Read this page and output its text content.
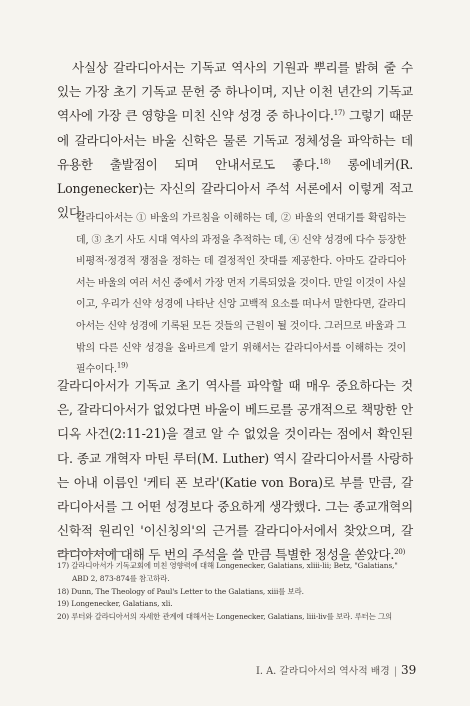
사실상 갈라디아서는 기독교 역사의 기원과 뿌리를 밝혀 줄 수 있는 가장 초기 기독교 문헌 중 하나이며, 지난 이천 년간의 기독교 역사에 가장 큰 영향을 미친 신약 성경 중 하나이다.$^{17)}$ 그렇기 때문에 갈라디아서는 바울 신학은 물론 기독교 정체성을 파악하는 데 유용한 출발점이 되며 안내서로도 좋다.$^{18)}$ 롱에네커(R. Longenecker)는 자신의 갈라디아서 주석 서론에서 이렇게 적고 있다:

갈라디아서는 ① 바울의 가르침을 이해하는 데, ② 바울의 연대기를 확립하는 데, ③ 초기 사도 시대 역사의 과정을 추적하는 데, ④ 신약 성경에 다수 등장한 비평적·정경적 쟁점을 정하는 데 결정적인 잣대를 제공한다. 아마도 갈라디아서는 바울의 여러 서신 중에서 가장 먼저 기록되었을 것이다. 만일 이것이 사실이고, 우리가 신약 성경에 나타난 신앙 고백적 요소를 떠나서 말한다면, 갈라디아서는 신약 성경에 기록된 모든 것들의 근원이 될 것이다. 그러므로 바울과 그 밖의 다른 신약 성경을 올바르게 알기 위해서는 갈라디아서를 이해하는 것이 필수이다.$^{19)}$

갈라디아서가 기독교 초기 역사를 파악할 때 매우 중요하다는 것은, 갈라디아서가 없었다면 바울이 베드로를 공개적으로 책망한 안디옥 사건(2:11-21)을 결코 알 수 없었을 것이라는 점에서 확인된다. 종교 개혁자 마틴 루터(M. Luther) 역시 갈라디아서를 사랑하는 아내 이름인 '케티 폰 보라'(Katie von Bora)로 부를 만큼, 갈라디아서를 그 어떤 성경보다 중요하게 생각했다. 그는 종교개혁의 신학적 원리인 '이신칭의'의 근거를 갈라디아서에서 찾았으며, 갈라디아서에 대해 두 번의 주석을 쓸 만큼 특별한 정성을 쏟았다.$^{20)}$

17) 갈라디아서가 기독교회에 미친 영향력에 대해 Longenecker, Galatians, xliii-lii; Betz, "Galatians,"
ABD 2, 873-874를 참고하라.
18) Dunn, The Theology of Paul's Letter to the Galatians, xiii를 보라.
19) Longenecker, Galatians, xli.
20) 루터와 갈라디아서의 자세한 관계에 대해서는 Longenecker, Galatians, liii-liv를 보라. 루터는 그의
I. A. 갈라디아서의 역사적 배경 | 39
